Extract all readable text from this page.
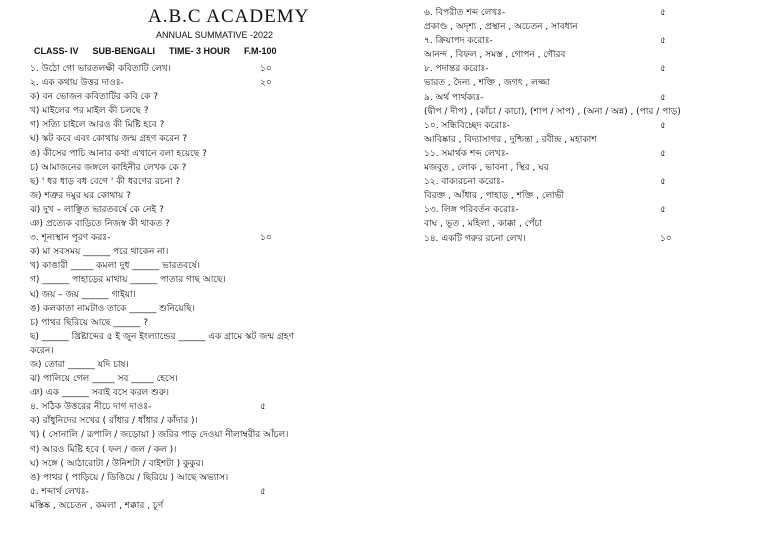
A.B.C ACADEMY
ANNUAL SUMMATIVE -2022
CLASS- IV SUB-BENGALI TIME- 3 HOUR F.M-100
১. উঠো গো ভারতলক্ষী কবিতাটি লেখ।	১০
২. এক কথায় উত্তর দাওঃ-	২০
ক) বন ভোজন কবিতাটির কবি কে ?
খ) মাইলের পর মাইল কী চলছে ?
গ) সত্যি চাইলে আরও কী মিষ্টি হবে ?
ঘ) স্কট কবে এবং কোথায় জন্ম গ্রহণ করেন ?
ঙ) কীসের পাচি আনার কথা এখানে বলা হয়েছে ?
চ) আমাজনের জঙ্গলে কাহিনীর লেখক কে ?
ছ) ' ধর ধাড় বধ বেগে ' কী ধরণের রচনা ?
জ) শত্রুর দমুর ঘর কোথায় ?
ঝ) দুখ – লাঞ্ছিত ভারতবর্ষে কে নেই ?
ঞ) প্রত্যেক বাড়িতে নিজস্ব কী থাকত ?
৩. শূন্যস্থান পূরণ করঃ-	১০
ক) মা সবসময় ______ পরে থাকেন না।
খ) কাঙারী _____ কমলা দুধ ______ ভারতবর্ষে।
গ) ______ পাহাড়ের মাথায় ______ পাতার গাছ আছে।
ঘ) জয় – জয় ______ গাইয়া।
ঙ) কলকাতা নামটাও তাকে ______ শুনিয়েছি।
চ) পাথর ছিরিয়ে আছে ______ ?
ছ) ______ খ্রিষ্টাব্দের ৫ ই জুন ইংল্যান্ডের ______ এক গ্রামে স্কট জন্ম গ্রহণ
করেন।
জ) তোরা ______ যদি চাষ।
ঝ) পালিয়ে গেল _____ সব _____ হেসে।
ঞ) এক ______ সবাই বসে করল শুরু।
৪. সঠিক উত্তরের নীচে দাগ দাওঃ-	৫
ক) রাঁধুনিদের সখের ( রাঁধার / ধাঁধার / কাঁদার )।
খ) ( সোনালি / রূপালি / জড়োয়া ) জরির পাড় দেওয়া নীলাম্বরীর আঁচল।
গ) আরও মিষ্টি হবে ( ফল / জল / কল )।
ঘ) সঙ্গে ( আঠারোটা / উনিশটা / বাইশটা ) কুকুর।
ঙ) পাথর ( পাড়িয়ে / ডিঙিয়ে / ছিরিয়ে ) আছে অভ্যাস।
৫. শব্দার্থ লেখঃ-	৫
মস্তিষ্ক , অচেতন , কমলা , শক্কার , চূর্ণ
৬. বিপরীত শব্দ লেখঃ-	৫
প্রকাণ্ড , অদৃশ্য , প্রস্থান , অচেতন , সাবধান
৭. ক্রিয়াপদ করোঃ-	৫
আনন্দ , বিফল , সমস্ত , গোপন , গৌরব
৮. পদান্তর করোঃ-	৫
ভারত , দৈন্য , শক্তি , জগৎ , লজ্জা
৯. অর্থ পার্থক্যঃ-	৫
(দ্বীপ / দীপ) , (কাঁচা / কাচা), (শাপ / সাপ) , (অনা / অন্ন) , (পার / পাড়)
১০. সন্ধিবিচ্ছেদ করোঃ-	৫
আবিষ্কার , বিদ্যাসাগর , দুশ্চিন্তা , রবীন্দ্র , মহাকাশ
১১. সমার্থক শব্দ লেখঃ-	৫
মজবুত , লোক , ভাবনা , স্থির , ঘর
১২. বাক্যরচনা করোঃ-	৫
বিরক্ত , আঁধার , পাহাড় , শক্তি , লোভী
১৩. লিঙ্গ পরিবর্তন করোঃ-	৫
বাঘ , ভূত , মহিলা , কাক্কা , পেঁচা
১৪. একটি গরুর রচনা লেখ।	১০
